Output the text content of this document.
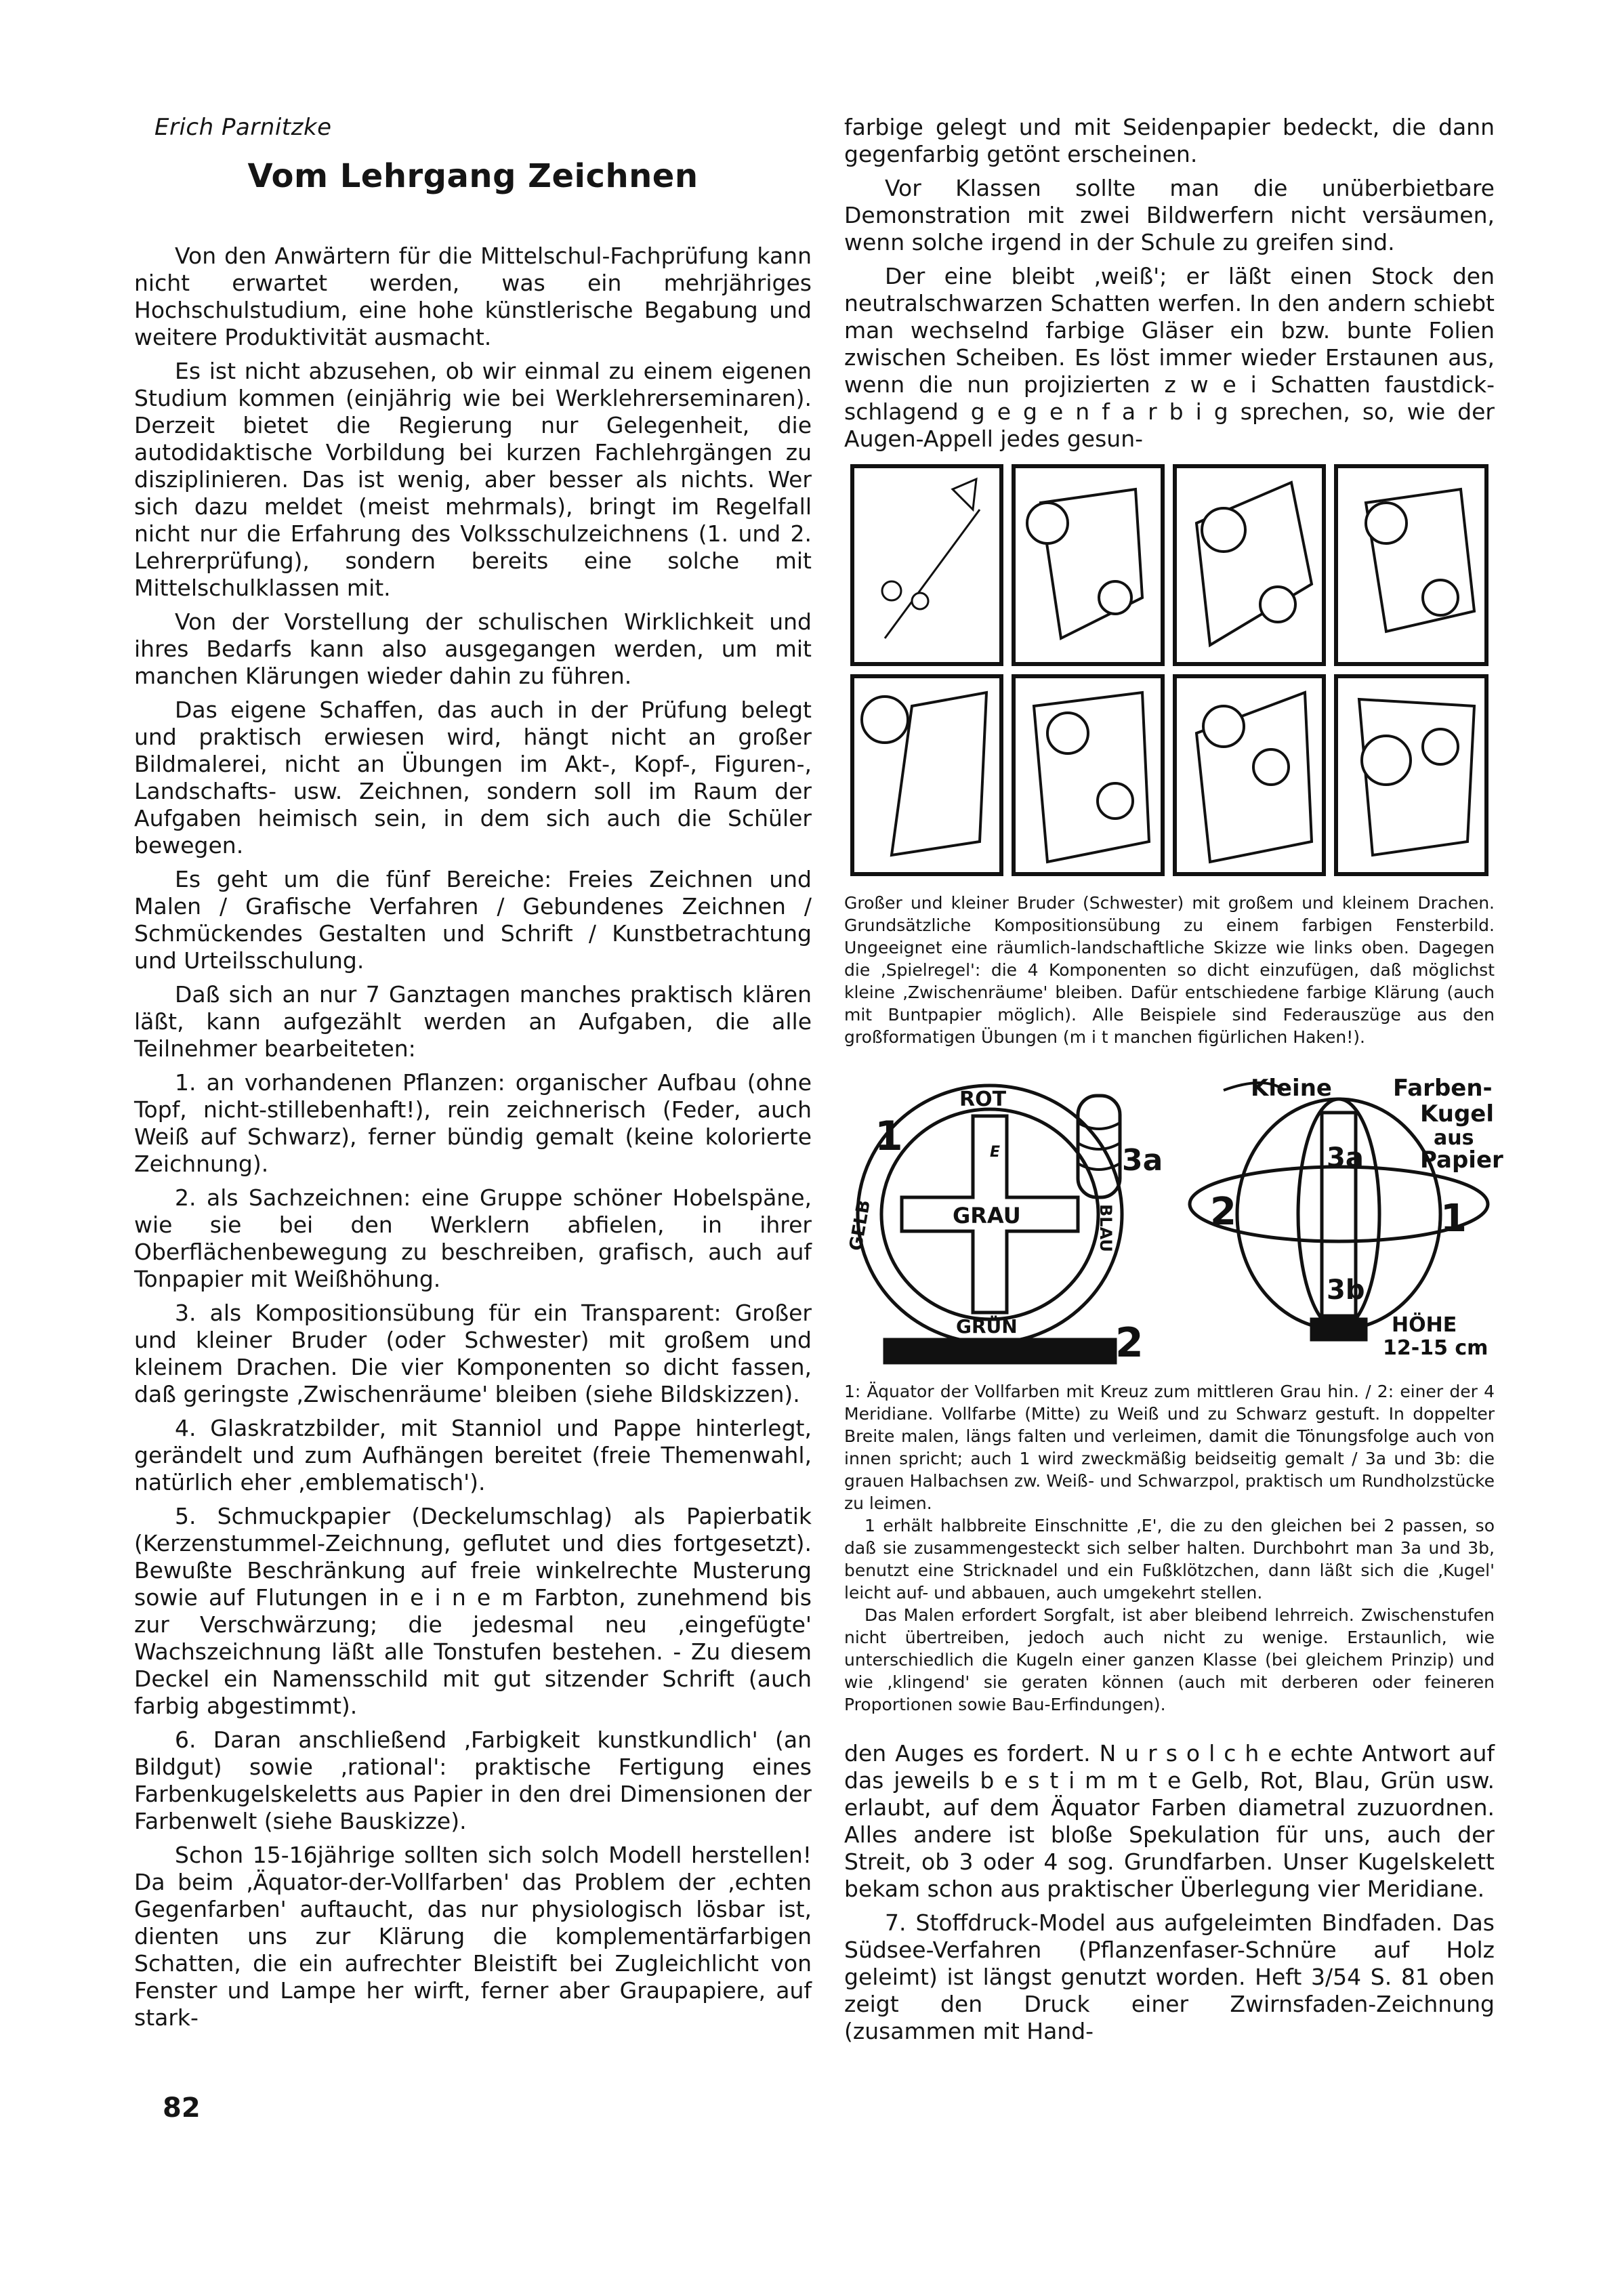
Erich Parnitzke
Vom Lehrgang Zeichnen

Von den Anwärtern für die Mittelschul-Fachprüfung kann nicht erwartet werden, was ein mehrjähriges Hochschulstudium, eine hohe künstlerische Begabung und weitere Produktivität ausmacht.

Es ist nicht abzusehen, ob wir einmal zu einem eigenen Studium kommen (einjährig wie bei Werklehrerseminaren). Derzeit bietet die Regierung nur Gelegenheit, die autodidaktische Vorbildung bei kurzen Fachlehrgängen zu disziplinieren. Das ist wenig, aber besser als nichts. Wer sich dazu meldet (meist mehrmals), bringt im Regelfall nicht nur die Erfahrung des Volksschulzeichnens (1. und 2. Lehrerprüfung), sondern bereits eine solche mit Mittelschulklassen mit.

Von der Vorstellung der schulischen Wirklichkeit und ihres Bedarfs kann also ausgegangen werden, um mit manchen Klärungen wieder dahin zu führen.

Das eigene Schaffen, das auch in der Prüfung belegt und praktisch erwiesen wird, hängt nicht an großer Bildmalerei, nicht an Übungen im Akt-, Kopf-, Figuren-, Landschafts- usw. Zeichnen, sondern soll im Raum der Aufgaben heimisch sein, in dem sich auch die Schüler bewegen.

Es geht um die fünf Bereiche: Freies Zeichnen und Malen / Grafische Verfahren / Gebundenes Zeichnen / Schmückendes Gestalten und Schrift / Kunstbetrachtung und Urteilsschulung.

Daß sich an nur 7 Ganztagen manches praktisch klären läßt, kann aufgezählt werden an Aufgaben, die alle Teilnehmer bearbeiteten:

1. an vorhandenen Pflanzen: organischer Aufbau (ohne Topf, nicht-stillebenhaft!), rein zeichnerisch (Feder, auch Weiß auf Schwarz), ferner bündig gemalt (keine kolorierte Zeichnung).

2. als Sachzeichnen: eine Gruppe schöner Hobelspäne, wie sie bei den Werklern abfielen, in ihrer Oberflächenbewegung zu beschreiben, grafisch, auch auf Tonpapier mit Weißhöhung.

3. als Kompositionsübung für ein Transparent: Großer und kleiner Bruder (oder Schwester) mit großem und kleinem Drachen. Die vier Komponenten so dicht fassen, daß geringste ‚Zwischenräume' bleiben (siehe Bildskizzen).

4. Glaskratzbilder, mit Stanniol und Pappe hinterlegt, gerändelt und zum Aufhängen bereitet (freie Themenwahl, natürlich eher ‚emblematisch').

5. Schmuckpapier (Deckelumschlag) als Papierbatik (Kerzenstummel-Zeichnung, geflutet und dies fortgesetzt). Bewußte Beschränkung auf freie winkelrechte Musterung sowie auf Flutungen in e i n e m Farbton, zunehmend bis zur Verschwärzung; die jedesmal neu ‚eingefügte' Wachszeichnung läßt alle Tonstufen bestehen. - Zu diesem Deckel ein Namensschild mit gut sitzender Schrift (auch farbig abgestimmt).

6. Daran anschließend ‚Farbigkeit kunstkundlich' (an Bildgut) sowie ‚rational': praktische Fertigung eines Farbenkugelskeletts aus Papier in den drei Dimensionen der Farbenwelt (siehe Bauskizze).

Schon 15-16jährige sollten sich solch Modell herstellen! Da beim ‚Äquator-der-Vollfarben' das Problem der ‚echten Gegenfarben' auftaucht, das nur physiologisch lösbar ist, dienten uns zur Klärung die komplementärfarbigen Schatten, die ein aufrechter Bleistift bei Zugleichlicht von Fenster und Lampe her wirft, ferner aber Graupapiere, auf stark-

farbige gelegt und mit Seidenpapier bedeckt, die dann gegenfarbig getönt erscheinen.

Vor Klassen sollte man die unüberbietbare Demonstration mit zwei Bildwerfern nicht versäumen, wenn solche irgend in der Schule zu greifen sind.

Der eine bleibt ‚weiß'; er läßt einen Stock den neutralschwarzen Schatten werfen. In den andern schiebt man wechselnd farbige Gläser ein bzw. bunte Folien zwischen Scheiben. Es löst immer wieder Erstaunen aus, wenn die nun projizierten z w e i Schatten faustdick-schlagend g e g e n f a r b i g sprechen, so, wie der Augen-Appell jedes gesun-

Großer und kleiner Bruder (Schwester) mit großem und kleinem Drachen. Grundsätzliche Kompositionsübung zu einem farbigen Fensterbild. Ungeeignet eine räumlich-landschaftliche Skizze wie links oben. Dagegen die ‚Spielregel': die 4 Komponenten so dicht einzufügen, daß möglichst kleine ‚Zwischenräume' bleiben. Dafür entschiedene farbige Klärung (auch mit Buntpapier möglich). Alle Beispiele sind Federauszüge aus den großformatigen Übungen (m i t manchen figürlichen Haken!).

ROT
GELB	GRAU	BLAU
GRÜN
E
1
2
3a
Kleine	Farben-
Kugel
aus
Papier
3a
3b
2	1
HÖHE
12-15 cm

1: Äquator der Vollfarben mit Kreuz zum mittleren Grau hin. / 2: einer der 4 Meridiane. Vollfarbe (Mitte) zu Weiß und zu Schwarz gestuft. In doppelter Breite malen, längs falten und verleimen, damit die Tönungsfolge auch von innen spricht; auch 1 wird zweckmäßig beidseitig gemalt / 3a und 3b: die grauen Halbachsen zw. Weiß- und Schwarzpol, praktisch um Rundholzstücke zu leimen.

1 erhält halbbreite Einschnitte ‚E', die zu den gleichen bei 2 passen, so daß sie zusammengesteckt sich selber halten. Durchbohrt man 3a und 3b, benutzt eine Stricknadel und ein Fußklötzchen, dann läßt sich die ‚Kugel' leicht auf- und abbauen, auch umgekehrt stellen.

Das Malen erfordert Sorgfalt, ist aber bleibend lehrreich. Zwischenstufen nicht übertreiben, jedoch auch nicht zu wenige. Erstaunlich, wie unterschiedlich die Kugeln einer ganzen Klasse (bei gleichem Prinzip) und wie ‚klingend' sie geraten können (auch mit derberen oder feineren Proportionen sowie Bau-Erfindungen).

den Auges es fordert. N u r s o l c h e echte Antwort auf das jeweils b e s t i m m t e Gelb, Rot, Blau, Grün usw. erlaubt, auf dem Äquator Farben diametral zuzuordnen. Alles andere ist bloße Spekulation für uns, auch der Streit, ob 3 oder 4 sog. Grundfarben. Unser Kugelskelett bekam schon aus praktischer Überlegung vier Meridiane.

7. Stoffdruck-Model aus aufgeleimten Bindfaden. Das Südsee-Verfahren (Pflanzenfaser-Schnüre auf Holz geleimt) ist längst genutzt worden. Heft 3/54 S. 81 oben zeigt den Druck einer Zwirnsfaden-Zeichnung (zusammen mit Hand-

82
